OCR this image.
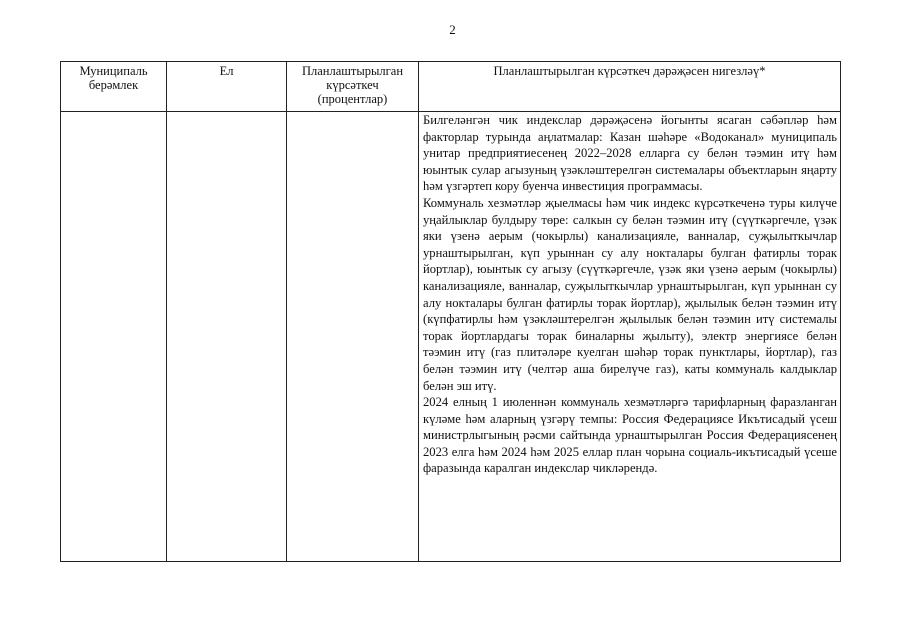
2
Муниципаль берәмлек	Ел	Планлаштырылган күрсәткеч (процентлар)	Планлаштырылган күрсәткеч дәрәҗәсен нигезләү*

			Билгеләнгән чик индекслар дәрәҗәсенә йогынты ясаган сәбәпләр һәм факторлар турында аңлатмалар: Казан шәһәре «Водоканал» муниципаль унитар предприятиесенең 2022–2028 елларга су белән тәэмин итү һәм юынтык сулар агызуның үзәкләштерелгән системалары объектларын яңарту һәм үзгәртеп кору буенча инвестиция программасы.

Коммуналь хезмәтләр җыелмасы һәм чик индекс күрсәткеченә туры килүче уңайлыклар булдыру төре: салкын су белән тәэмин итү (сүүткәргечле, үзәк яки үзенә аерым (чокырлы) канализацияле, ванналар, суҗылыткычлар урнаштырылган, күп урыннан су алу нокталары булган фатирлы торак йортлар), юынтык су агызу (сүүткәргечле, үзәк яки үзенә аерым (чокырлы) канализацияле, ванналар, суҗылыткычлар урнаштырылган, күп урыннан су алу нокталары булган фатирлы торак йортлар), җылылык белән тәэмин итү (күпфатирлы һәм үзәкләштерелгән җылылык белән тәэмин итү системалы торак йортлардагы торак биналарны җылыту), электр энергиясе белән тәэмин итү (газ плитәләре куелган шәһәр торак пунктлары, йортлар), газ белән тәэмин итү (челтәр аша бирелүче газ), каты коммуналь калдыклар белән эш итү.

2024 елның 1 июленнән коммуналь хезмәтләргә тарифларның фаразланган күләме һәм аларның үзгәрү темпы: Россия Федерациясе Икътисадый үсеш министрлыгының рәсми сайтында урнаштырылган Россия Федерациясенең 2023 елга һәм 2024 һәм 2025 еллар план чорына социаль-икътисадый үсеше фаразында каралган индекслар чикләрендә.
